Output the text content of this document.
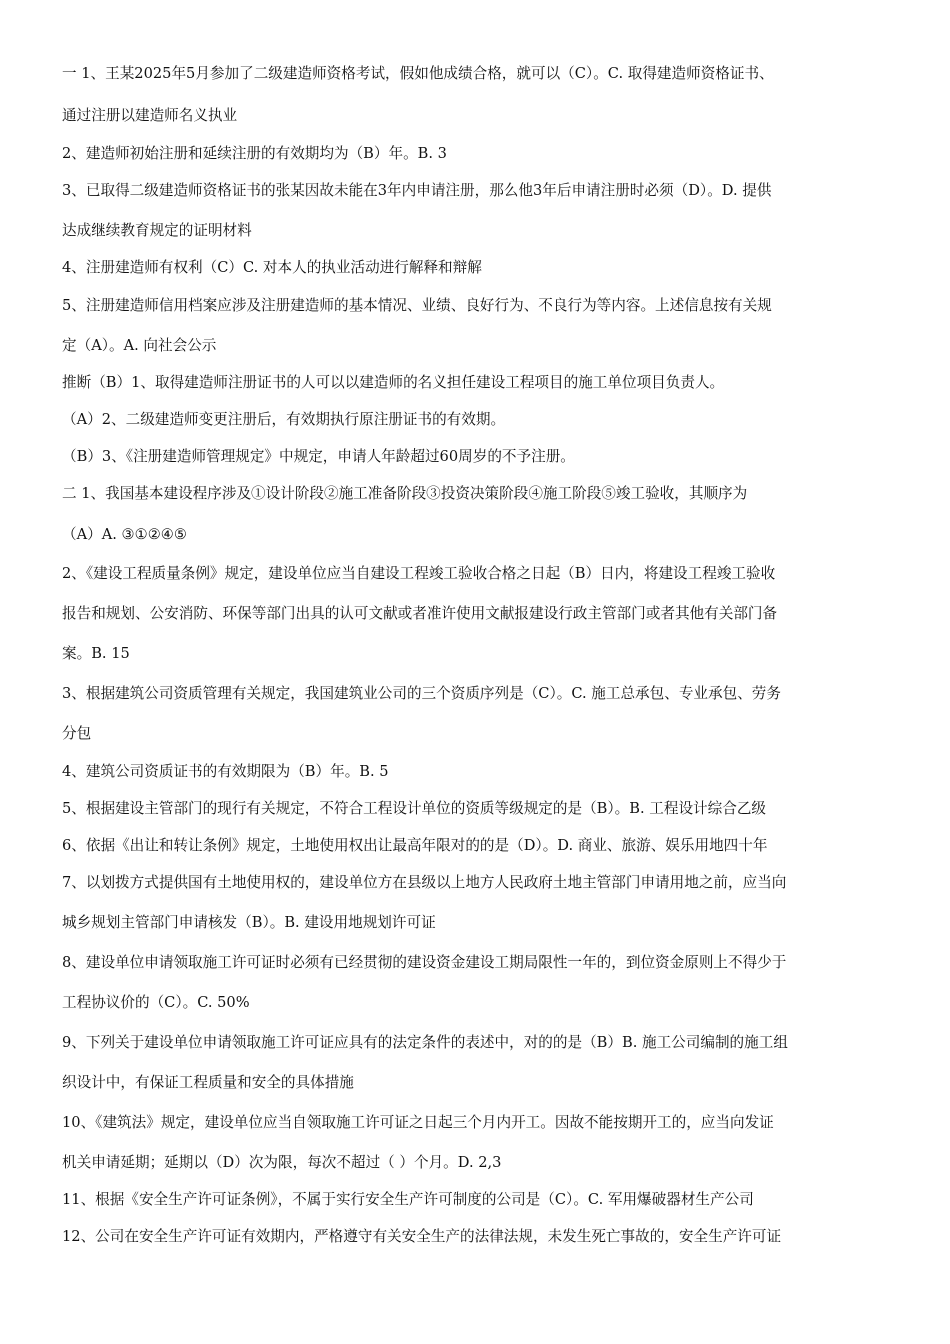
一 1、王某2025年5月参加了二级建造师资格考试，假如他成绩合格，就可以（C）。C. 取得建造师资格证书、
通过注册以建造师名义执业
2、建造师初始注册和延续注册的有效期均为（B）年。B. 3
3、已取得二级建造师资格证书的张某因故未能在3年内申请注册，那么他3年后申请注册时必须（D）。D. 提供
达成继续教育规定的证明材料
4、注册建造师有权利（C）C. 对本人的执业活动进行解释和辩解
5、注册建造师信用档案应涉及注册建造师的基本情况、业绩、良好行为、不良行为等内容。上述信息按有关规
定（A）。A. 向社会公示
推断（B）1、取得建造师注册证书的人可以以建造师的名义担任建设工程项目的施工单位项目负责人。
（A）2、二级建造师变更注册后，有效期执行原注册证书的有效期。
（B）3、《注册建造师管理规定》中规定，申请人年龄超过60周岁的不予注册。
二 1、我国基本建设程序涉及①设计阶段②施工准备阶段③投资决策阶段④施工阶段⑤竣工验收，其顺序为
（A）A. ③①②④⑤
2、《建设工程质量条例》规定，建设单位应当自建设工程竣工验收合格之日起（B）日内，将建设工程竣工验收
报告和规划、公安消防、环保等部门出具的认可文献或者准许使用文献报建设行政主管部门或者其他有关部门备
案。B. 15
3、根据建筑公司资质管理有关规定，我国建筑业公司的三个资质序列是（C）。C. 施工总承包、专业承包、劳务
分包
4、建筑公司资质证书的有效期限为（B）年。B. 5
5、根据建设主管部门的现行有关规定，不符合工程设计单位的资质等级规定的是（B）。B. 工程设计综合乙级
6、依据《出让和转让条例》规定，土地使用权出让最高年限对的的是（D）。D. 商业、旅游、娱乐用地四十年
7、以划拨方式提供国有土地使用权的，建设单位方在县级以上地方人民政府土地主管部门申请用地之前，应当向
城乡规划主管部门申请核发（B）。B. 建设用地规划许可证
8、建设单位申请领取施工许可证时必须有已经贯彻的建设资金建设工期局限性一年的，到位资金原则上不得少于
工程协议价的（C）。C. 50%
9、下列关于建设单位申请领取施工许可证应具有的法定条件的表述中，对的的是（B）B. 施工公司编制的施工组
织设计中，有保证工程质量和安全的具体措施
10、《建筑法》规定，建设单位应当自领取施工许可证之日起三个月内开工。因故不能按期开工的，应当向发证
机关申请延期；延期以（D）次为限，每次不超过（ ）个月。D. 2,3
11、根据《安全生产许可证条例》，不属于实行安全生产许可制度的公司是（C）。C. 军用爆破器材生产公司
12、公司在安全生产许可证有效期内，严格遵守有关安全生产的法律法规，未发生死亡事故的，安全生产许可证
